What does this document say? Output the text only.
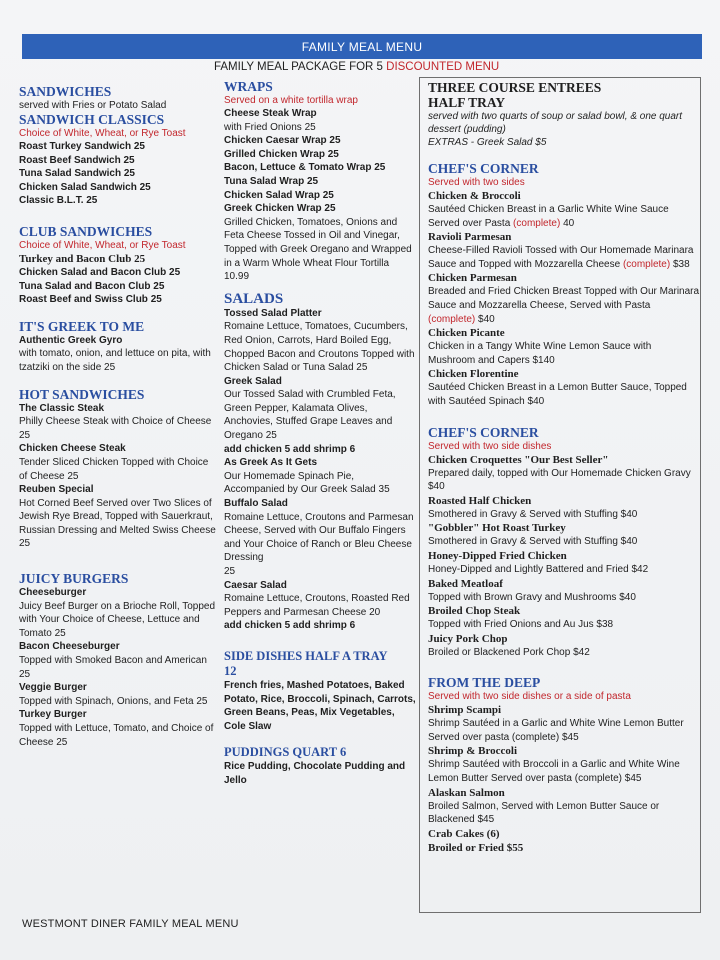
FAMILY MEAL MENU
FAMILY MEAL PACKAGE FOR 5 DISCOUNTED MENU
SANDWICHES
served with Fries or Potato Salad
SANDWICH CLASSICS
Choice of White, Wheat, or Rye Toast
Roast Turkey Sandwich 25
Roast Beef Sandwich 25
Tuna Salad Sandwich 25
Chicken Salad Sandwich 25
Classic B.L.T. 25
CLUB SANDWICHES
Choice of White, Wheat, or Rye Toast
Turkey and Bacon Club 25
Chicken Salad and Bacon Club 25
Tuna Salad and Bacon Club 25
Roast Beef and Swiss Club 25
IT'S GREEK TO ME
Authentic Greek Gyro
with tomato, onion, and lettuce on pita, with tzatziki on the side 25
HOT SANDWICHES
The Classic Steak
Philly Cheese Steak with Choice of Cheese 25
Chicken Cheese Steak
Tender Sliced Chicken Topped with Choice of Cheese 25
Reuben Special
Hot Corned Beef Served over Two Slices of Jewish Rye Bread, Topped with Sauerkraut, Russian Dressing and Melted Swiss Cheese 25
JUICY BURGERS
Cheeseburger
Juicy Beef Burger on a Brioche Roll, Topped with Your Choice of Cheese, Lettuce and Tomato 25
Bacon Cheeseburger
Topped with Smoked Bacon and American 25
Veggie Burger
Topped with Spinach, Onions, and Feta 25
Turkey Burger
Topped with Lettuce, Tomato, and Choice of Cheese 25
WRAPS
Served on a white tortilla wrap
Cheese Steak Wrap
with Fried Onions 25
Chicken Caesar Wrap 25
Grilled Chicken Wrap 25
Bacon, Lettuce & Tomato Wrap 25
Tuna Salad Wrap 25
Chicken Salad Wrap 25
Greek Chicken Wrap 25
Grilled Chicken, Tomatoes, Onions and Feta Cheese Tossed in Oil and Vinegar, Topped with Greek Oregano and Wrapped in a Warm Whole Wheat Flour Tortilla 10.99
SALADS
Tossed Salad Platter
Romaine Lettuce, Tomatoes, Cucumbers, Red Onion, Carrots, Hard Boiled Egg, Chopped Bacon and Croutons Topped with Chicken Salad or Tuna Salad 25
Greek Salad
Our Tossed Salad with Crumbled Feta, Green Pepper, Kalamata Olives, Anchovies, Stuffed Grape Leaves and Oregano 25
add chicken 5 add shrimp 6
As Greek As It Gets
Our Homemade Spinach Pie, Accompanied by Our Greek Salad 35
Buffalo Salad
Romaine Lettuce, Croutons and Parmesan Cheese, Served with Our Buffalo Fingers and Your Choice of Ranch or Bleu Cheese Dressing
25
Caesar Salad
Romaine Lettuce, Croutons, Roasted Red Peppers and Parmesan Cheese 20
add chicken 5 add shrimp 6
SIDE DISHES HALF A TRAY
12
French fries, Mashed Potatoes, Baked Potato, Rice, Broccoli, Spinach, Carrots, Green Beans, Peas, Mix Vegetables, Cole Slaw
PUDDINGS QUART 6
Rice Pudding, Chocolate Pudding and Jello
THREE COURSE ENTREES
HALF TRAY
served with two quarts of soup or salad bowl, & one quart dessert (pudding)
EXTRAS - Greek Salad $5
CHEF'S CORNER
Served with two sides
Chicken & Broccoli
Sautéed Chicken Breast in a Garlic White Wine Sauce Served over Pasta (complete) 40
Ravioli Parmesan
Cheese-Filled Ravioli Tossed with Our Homemade Marinara Sauce and Topped with Mozzarella Cheese (complete) $38
Chicken Parmesan
Breaded and Fried Chicken Breast Topped with Our Marinara Sauce and Mozzarella Cheese, Served with Pasta (complete) $40
Chicken Picante
Chicken in a Tangy White Wine Lemon Sauce with Mushroom and Capers $140
Chicken Florentine
Sautéed Chicken Breast in a Lemon Butter Sauce, Topped with Sautéed Spinach $40
CHEF'S CORNER
Served with two side dishes
Chicken Croquettes "Our Best Seller"
Prepared daily, topped with Our Homemade Chicken Gravy $40
Roasted Half Chicken
Smothered in Gravy & Served with Stuffing $40
"Gobbler" Hot Roast Turkey
Smothered in Gravy & Served with Stuffing $40
Honey-Dipped Fried Chicken
Honey-Dipped and Lightly Battered and Fried $42
Baked Meatloaf
Topped with Brown Gravy and Mushrooms $40
Broiled Chop Steak
Topped with Fried Onions and Au Jus $38
Juicy Pork Chop
Broiled or Blackened Pork Chop $42
FROM THE DEEP
Served with two side dishes or a side of pasta
Shrimp Scampi
Shrimp Sautéed in a Garlic and White Wine Lemon Butter Served over pasta (complete) $45
Shrimp & Broccoli
Shrimp Sautéed with Broccoli in a Garlic and White Wine Lemon Butter Served over pasta (complete) $45
Alaskan Salmon
Broiled Salmon, Served with Lemon Butter Sauce or Blackened $45
Crab Cakes (6)
Broiled or Fried $55
WESTMONT DINER FAMILY MEAL MENU
